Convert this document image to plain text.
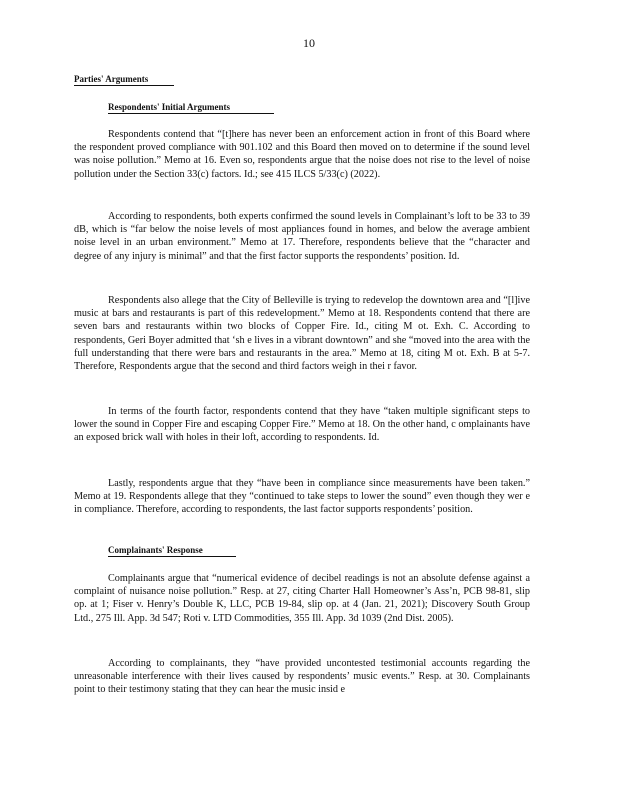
10
Parties' Arguments
Respondents' Initial Arguments

Respondents contend that “[t]here has never been an enforcement action in front of this Board where the respondent proved compliance with 901.102 and this Board then moved on to determine if the sound level was noise pollution.” Memo at 16. Even so, respondents argue that the noise does not rise to the level of noise pollution under the Section 33(c) factors. Id.; see 415 ILCS 5/33(c) (2022).

According to respondents, both experts confirmed the sound levels in Complainant’s loft to be 33 to 39 dB, which is “far below the noise levels of most appliances found in homes, and below the average ambient noise level in an urban environment.” Memo at 17. Therefore, respondents believe that the “character and degree of any injury is minimal” and that the first factor supports the respondents’ position. Id.

Respondents also allege that the City of Belleville is trying to redevelop the downtown area and “[l]ive music at bars and restaurants is part of this redevelopment.” Memo at 18. Respondents contend that there are seven bars and restaurants within two blocks of Copper Fire. Id., citing M ot. Exh. C. According to respondents, Geri Boyer admitted that ‘sh e lives in a vibrant downtown” and she “moved into the area with the full understanding that there were bars and restaurants in the area.” Memo at 18, citing M ot. Exh. B at 5-7. Therefore, Respondents argue that the second and third factors weigh in thei r favor.

In terms of the fourth factor, respondents contend that they have “taken multiple significant steps to lower the sound in Copper Fire and escaping Copper Fire.” Memo at 18. On the other hand, c omplainants have an exposed brick wall with holes in their loft, according to respondents. Id.

Lastly, respondents argue that they “have been in compliance since measurements have been taken.” Memo at 19. Respondents allege that they “continued to take steps to lower the sound” even though they wer e in compliance. Therefore, according to respondents, the last factor supports respondents’ position.

Complainants' Response

Complainants argue that “numerical evidence of decibel readings is not an absolute defense against a complaint of nuisance noise pollution.” Resp. at 27, citing Charter Hall Homeowner’s Ass’n, PCB 98-81, slip op. at 1; Fiser v. Henry’s Double K, LLC, PCB 19-84, slip op. at 4 (Jan. 21, 2021); Discovery South Group Ltd., 275 Ill. App. 3d 547; Roti v. LTD Commodities, 355 Ill. App. 3d 1039 (2nd Dist. 2005).

According to complainants, they “have provided uncontested testimonial accounts regarding the unreasonable interference with their lives caused by respondents’ music events.” Resp. at 30. Complainants point to their testimony stating that they can hear the music insid e
